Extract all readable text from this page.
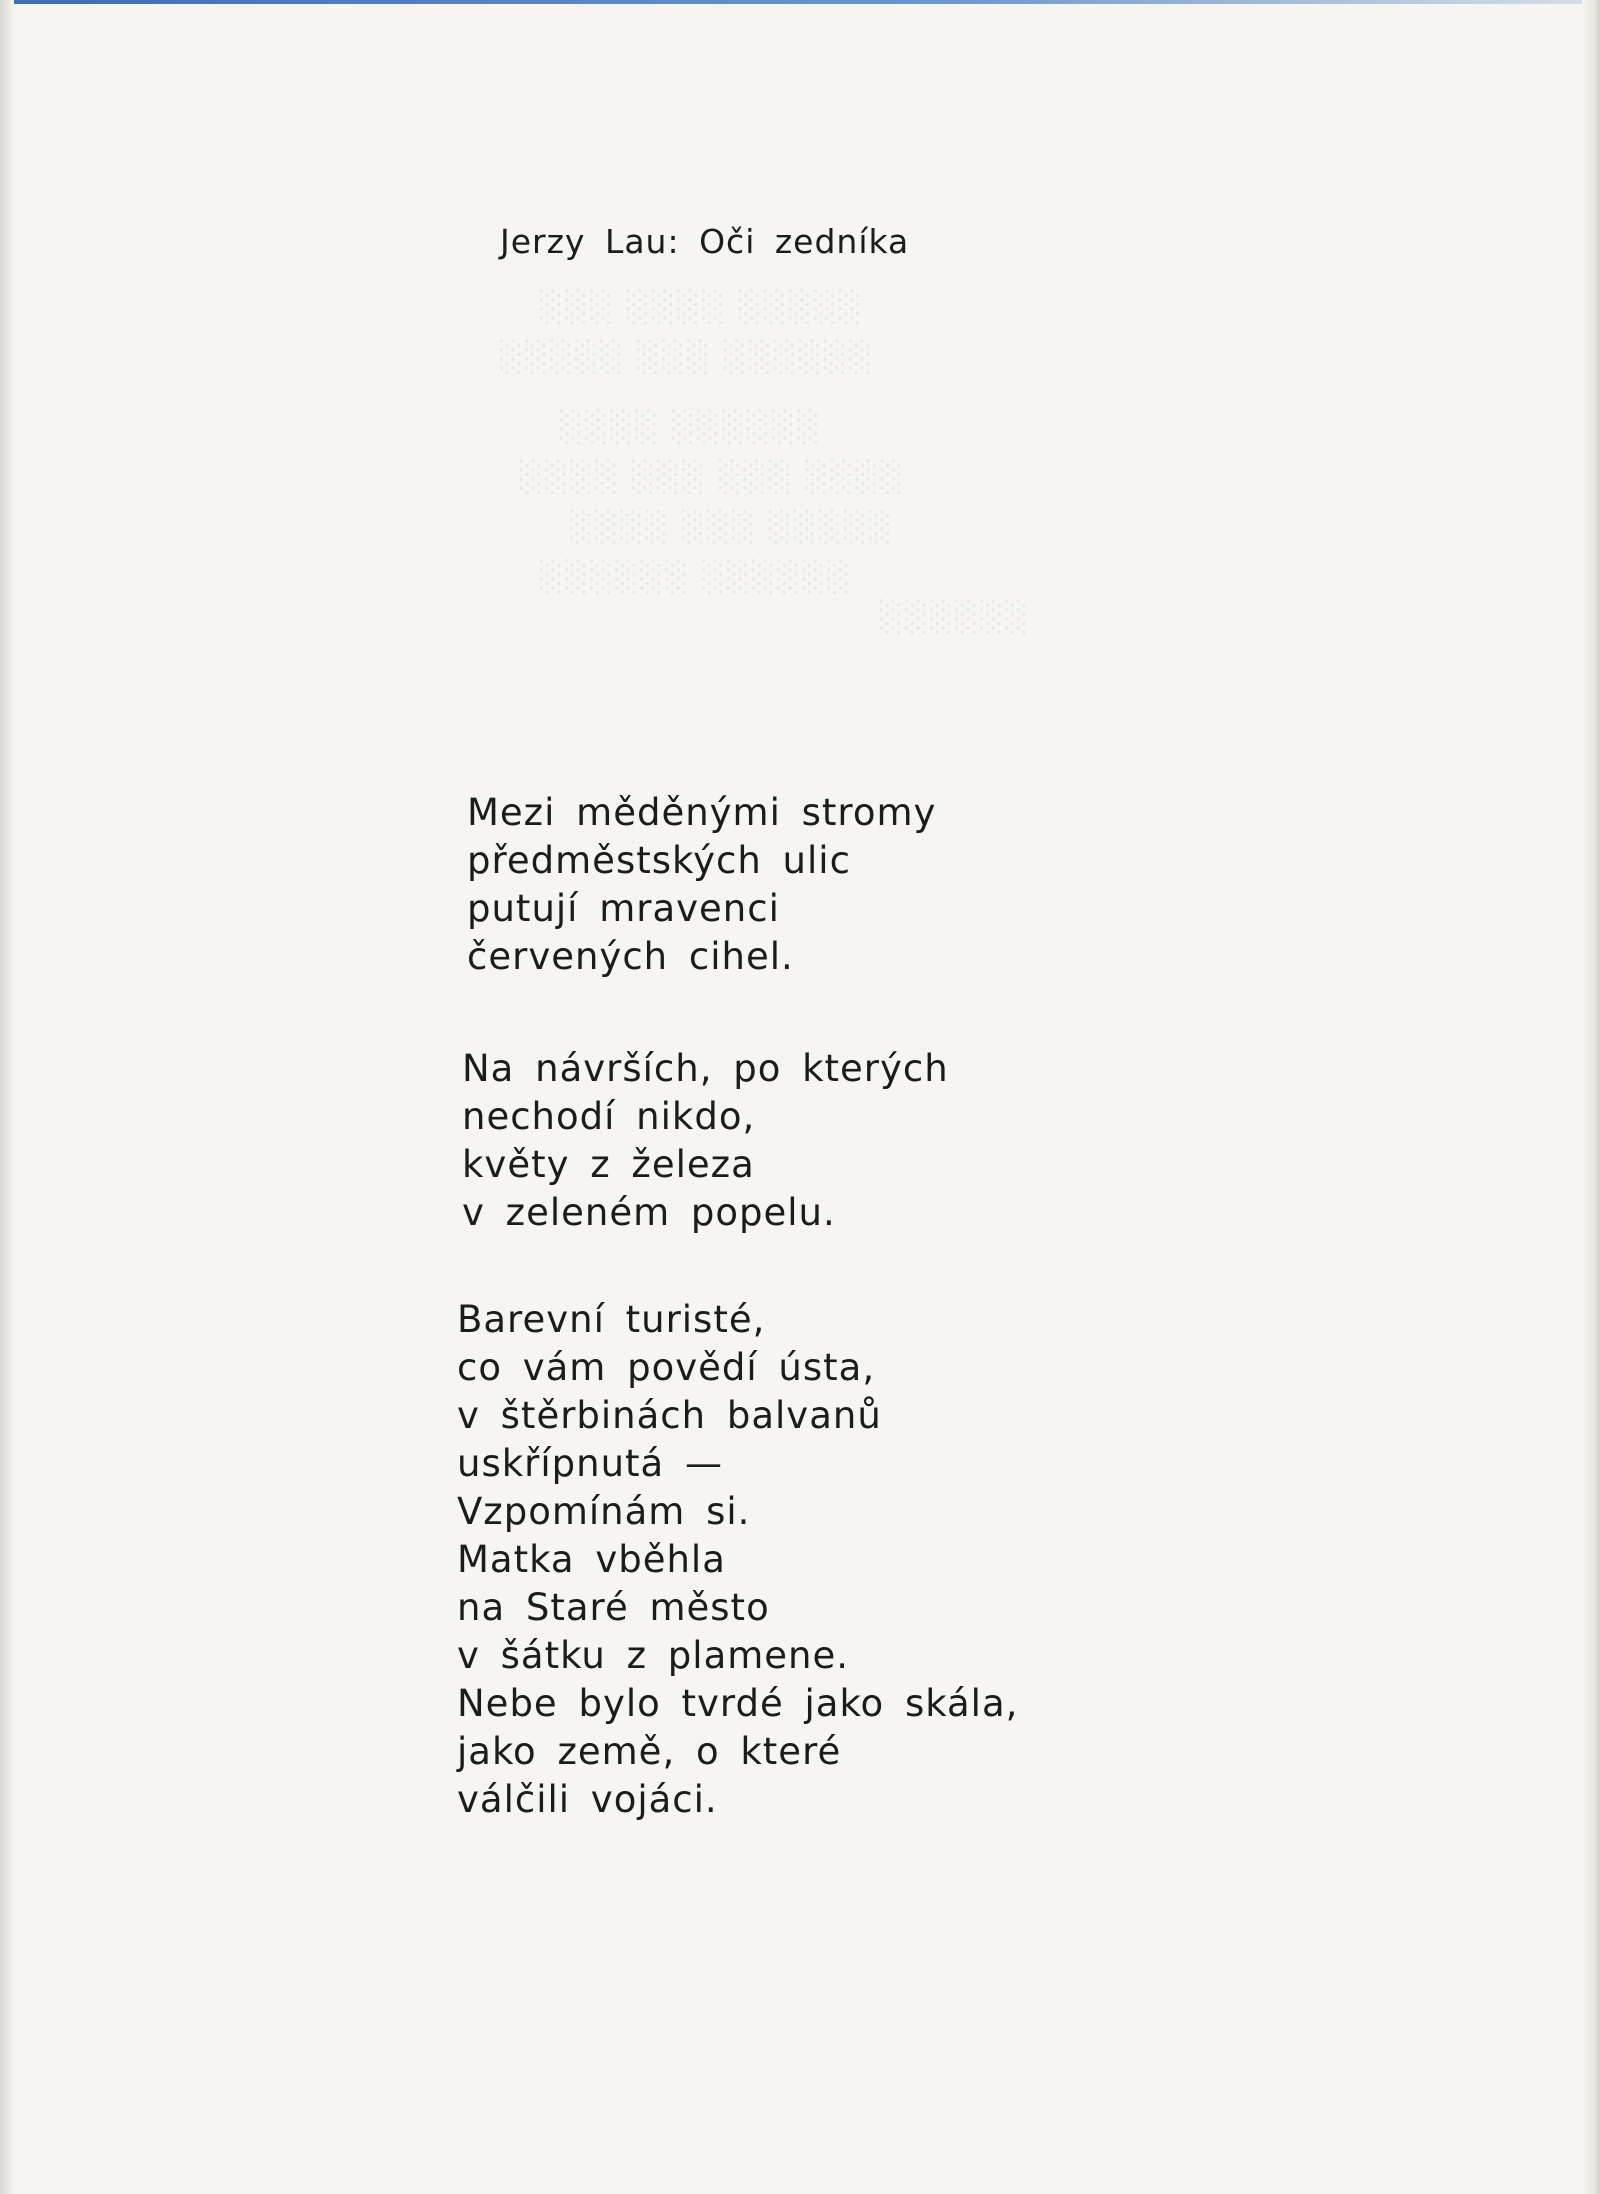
░░░ ░░░░ ░░░░░
░░░░░ ░░░ ░░░░░░
░░░░ ░░░░░░
░░░░ ░░░ ░░░ ░░░░
░░░░ ░░░ ░░░░░
░░░░░░ ░░░░░░
░░░░░░
Jerzy Lau: Oči zedníka
Mezi měděnými stromy
předměstských ulic
putují mravenci
červených cihel.
Na návrších, po kterých
nechodí nikdo,
květy z železa
v zeleném popelu.
Barevní turisté,
co vám povědí ústa,
v štěrbinách balvanů
uskřípnutá —
Vzpomínám si.
Matka vběhla
na Staré město
v šátku z plamene.
Nebe bylo tvrdé jako skála,
jako země, o které
válčili vojáci.
